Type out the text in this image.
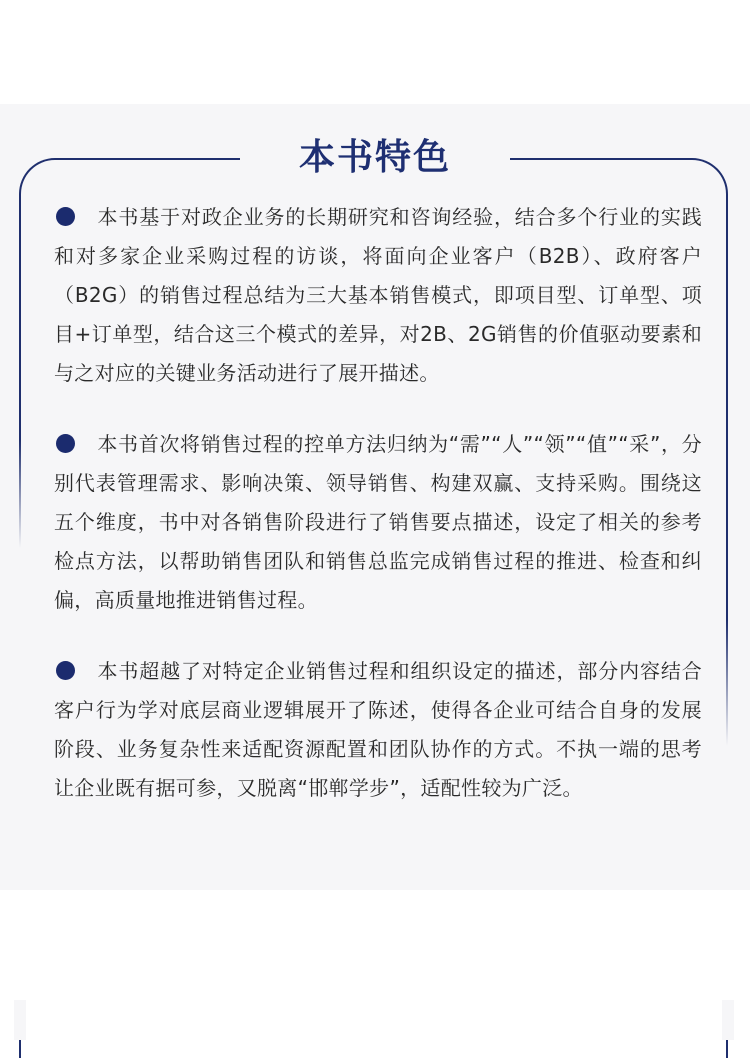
本书特色
本书基于对政企业务的长期研究和咨询经验，结合多个行业的实践和对多家企业采购过程的访谈，将面向企业客户（B2B）、政府客户（B2G）的销售过程总结为三大基本销售模式，即项目型、订单型、项目+订单型，结合这三个模式的差异，对2B、2G销售的价值驱动要素和与之对应的关键业务活动进行了展开描述。
本书首次将销售过程的控单方法归纳为“需”“人”“领”“值”“采”，分别代表管理需求、影响决策、领导销售、构建双赢、支持采购。围绕这五个维度，书中对各销售阶段进行了销售要点描述，设定了相关的参考检点方法，以帮助销售团队和销售总监完成销售过程的推进、检查和纠偏，高质量地推进销售过程。
本书超越了对特定企业销售过程和组织设定的描述，部分内容结合客户行为学对底层商业逻辑展开了陈述，使得各企业可结合自身的发展阶段、业务复杂性来适配资源配置和团队协作的方式。不执一端的思考让企业既有据可参，又脱离“邯郸学步”，适配性较为广泛。
